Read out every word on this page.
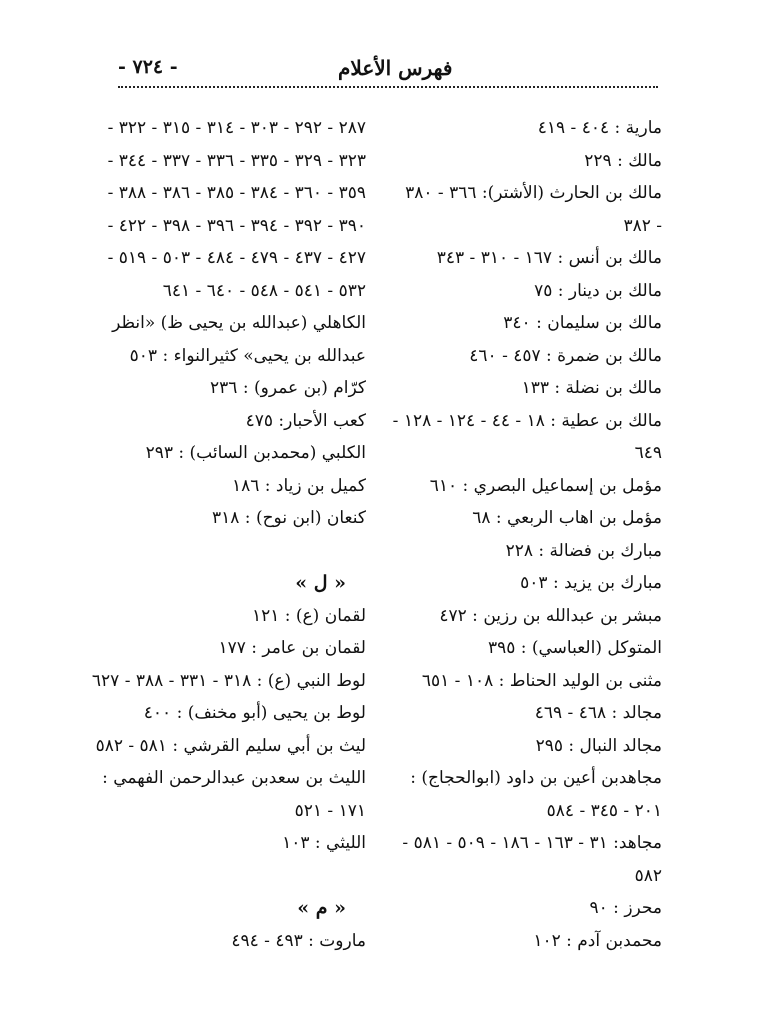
- ٧٢٤ -	فهرس الأعلام
مارية : ٤٠٤ - ٤١٩
مالك : ٢٢٩
مالك بن الحارث (الأشتر): ٣٦٦ - ٣٨٠
- ٣٨٢
مالك بن أنس : ١٦٧ - ٣١٠ - ٣٤٣
مالك بن دينار : ٧٥
مالك بن سليمان : ٣٤٠
مالك بن ضمرة : ٤٥٧ - ٤٦٠
مالك بن نضلة : ١٣٣
مالك بن عطية : ١٨ - ٤٤ - ١٢٤ - ١٢٨ -
٦٤٩
مؤمل بن إسماعيل البصري : ٦١٠
مؤمل بن اهاب الربعي : ٦٨
مبارك بن فضالة : ٢٢٨
مبارك بن يزيد : ٥٠٣
مبشر بن عبدالله بن رزين : ٤٧٢
المتوكل (العباسي) : ٣٩٥
مثنى بن الوليد الحناط : ١٠٨ - ٦٥١
مجالد : ٤٦٨ - ٤٦٩
مجالد النبال : ٢٩٥
مجاهدبن أعين بن داود (ابوالحجاج) :
٢٠١ - ٣٤٥ - ٥٨٤
مجاهد: ٣١ - ١٦٣ - ١٨٦ - ٥٠٩ - ٥٨١ -
٥٨٢
محرز : ٩٠
محمدبن آدم : ١٠٢
٢٨٧ - ٢٩٢ - ٣٠٣ - ٣١٤ - ٣١٥ - ٣٢٢ -
٣٢٣ - ٣٢٩ - ٣٣٥ - ٣٣٦ - ٣٣٧ - ٣٤٤ -
٣٥٩ - ٣٦٠ - ٣٨٤ - ٣٨٥ - ٣٨٦ - ٣٨٨ -
٣٩٠ - ٣٩٢ - ٣٩٤ - ٣٩٦ - ٣٩٨ - ٤٢٢ -
٤٢٧ - ٤٣٧ - ٤٧٩ - ٤٨٤ - ٥٠٣ - ٥١٩ -
٥٣٢ - ٥٤١ - ٥٤٨ - ٦٤٠ - ٦٤١
الكاهلي (عبدالله بن يحيى ظ) «انظر
عبدالله بن يحيى» كثيرالنواء : ٥٠٣
كرّام (بن عمرو) : ٢٣٦
كعب الأحبار: ٤٧٥
الكلبي (محمدبن السائب) : ٢٩٣
كميل بن زياد : ١٨٦
كنعان (ابن نوح) : ٣١٨
« ل »
لقمان (ع) : ١٢١
لقمان بن عامر : ١٧٧
لوط النبي (ع) : ٣١٨ - ٣٣١ - ٣٨٨ - ٦٢٧
لوط بن يحيى (أبو مخنف) : ٤٠٠
ليث بن أبي سليم القرشي : ٥٨١ - ٥٨٢
الليث بن سعدبن عبدالرحمن الفهمي :
١٧١ - ٥٢١
الليثي : ١٠٣
« م »
ماروت : ٤٩٣ - ٤٩٤
